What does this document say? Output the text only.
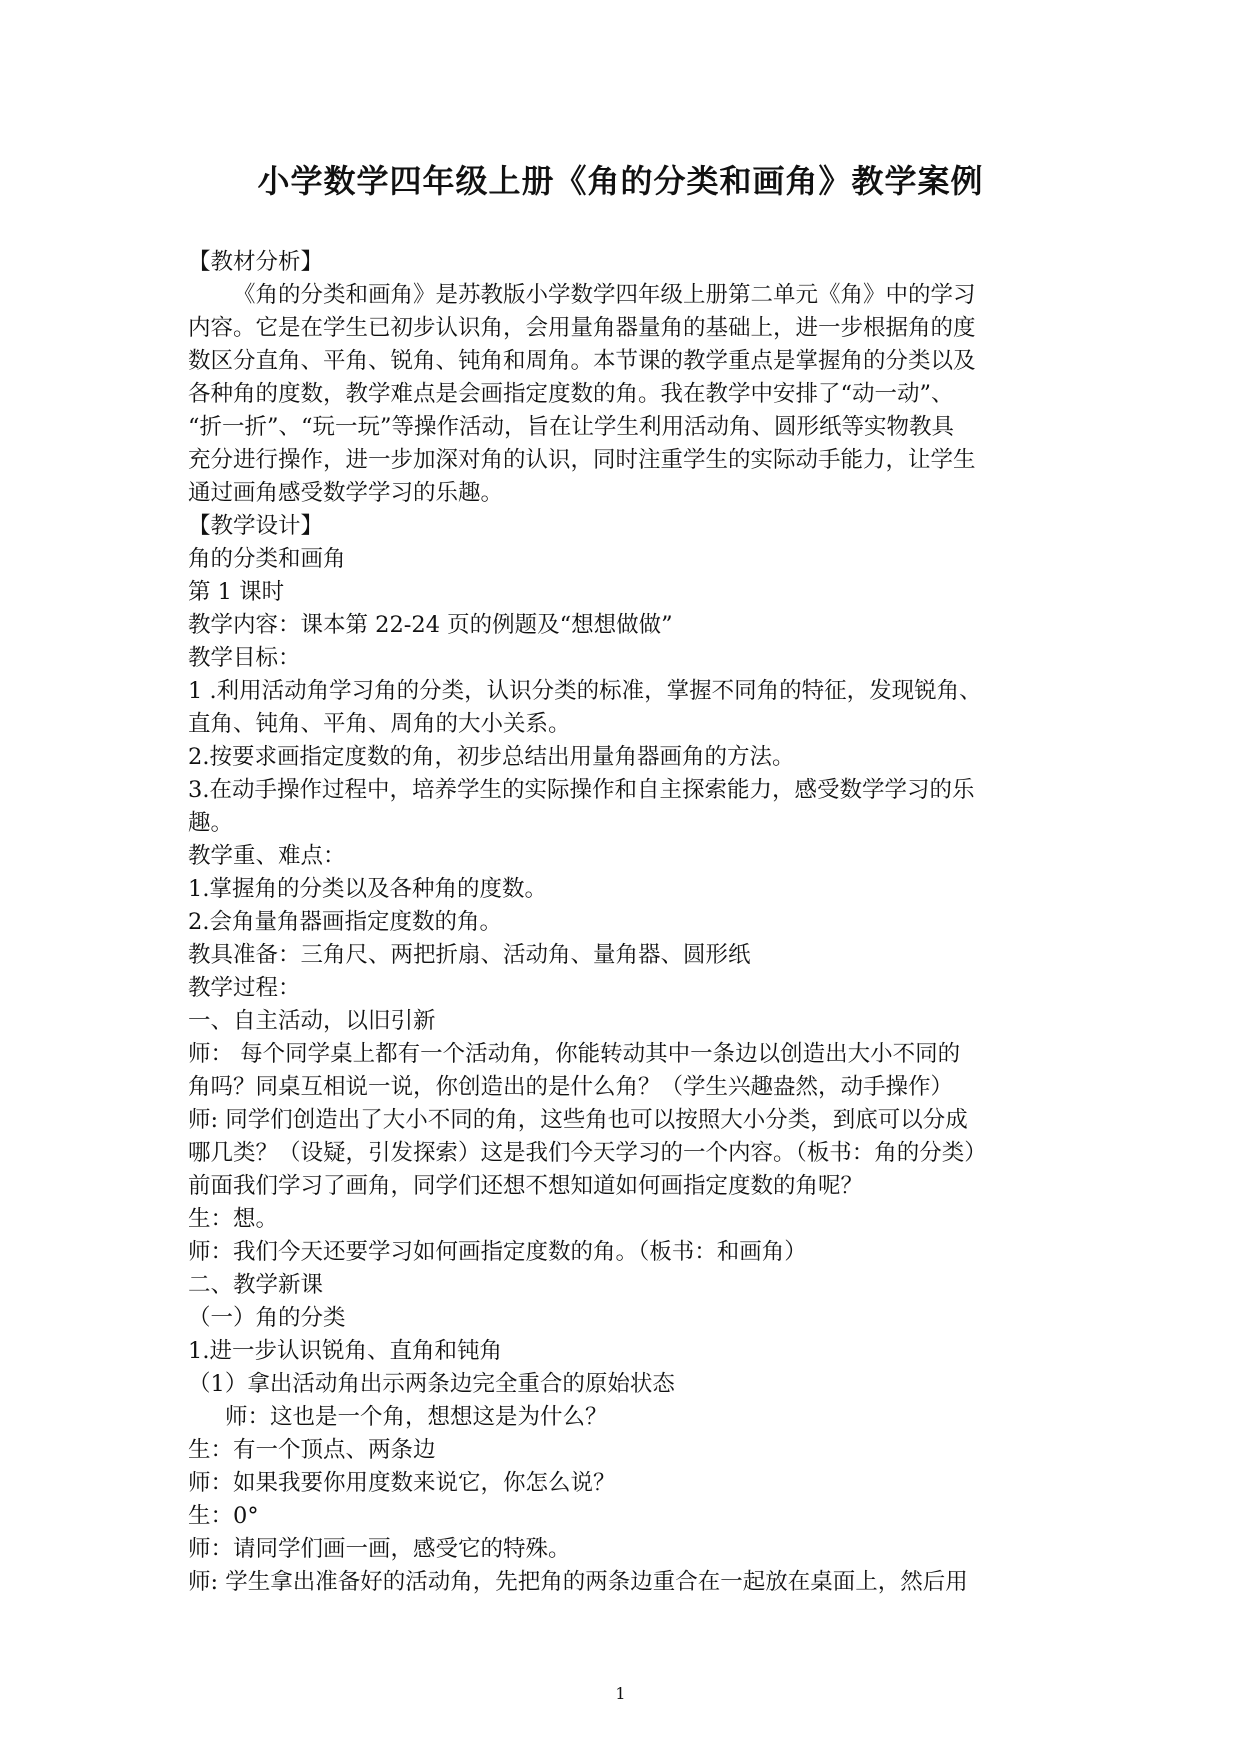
小学数学四年级上册《角的分类和画角》教学案例

【教材分析】

《角的分类和画角》是苏教版小学数学四年级上册第二单元《角》中的学习

内容。它是在学生已初步认识角，会用量角器量角的基础上，进一步根据角的度

数区分直角、平角、锐角、钝角和周角。本节课的教学重点是掌握角的分类以及

各种角的度数，教学难点是会画指定度数的角。我在教学中安排了“动一动”、

“折一折”、“玩一玩”等操作活动，旨在让学生利用活动角、圆形纸等实物教具

充分进行操作，进一步加深对角的认识，同时注重学生的实际动手能力，让学生

通过画角感受数学学习的乐趣。

【教学设计】

角的分类和画角

第 1 课时

教学内容：课本第 22-24 页的例题及“想想做做”

教学目标：

1 .利用活动角学习角的分类，认识分类的标准，掌握不同角的特征，发现锐角、

直角、钝角、平角、周角的大小关系。

2.按要求画指定度数的角，初步总结出用量角器画角的方法。

3.在动手操作过程中，培养学生的实际操作和自主探索能力，感受数学学习的乐

趣。

教学重、难点：

1.掌握角的分类以及各种角的度数。

2.会角量角器画指定度数的角。

教具准备：三角尺、两把折扇、活动角、量角器、圆形纸

教学过程：

一、自主活动，以旧引新

师： 每个同学桌上都有一个活动角，你能转动其中一条边以创造出大小不同的

角吗？同桌互相说一说，你创造出的是什么角？（学生兴趣盎然，动手操作）

师: 同学们创造出了大小不同的角，这些角也可以按照大小分类，到底可以分成

哪几类？（设疑，引发探索）这是我们今天学习的一个内容。（板书：角的分类）

前面我们学习了画角，同学们还想不想知道如何画指定度数的角呢？

生：想。

师：我们今天还要学习如何画指定度数的角。（板书：和画角）

二、教学新课

（一）角的分类

1.进一步认识锐角、直角和钝角

（1）拿出活动角出示两条边完全重合的原始状态

师：这也是一个角，想想这是为什么？

生：有一个顶点、两条边

师：如果我要你用度数来说它，你怎么说？

生：0°

师：请同学们画一画，感受它的特殊。

师: 学生拿出准备好的活动角，先把角的两条边重合在一起放在桌面上，然后用

1
